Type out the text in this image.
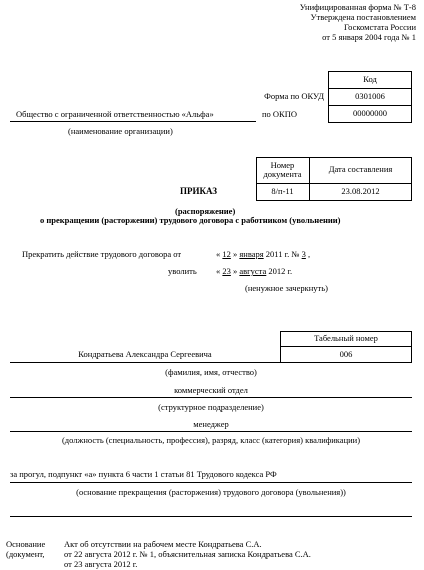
Унифицированная форма № Т-8
Утверждена постановлением
Госкомстата России
от 5 января 2004 года № 1
Код
0301006
00000000
Форма по ОКУД
по ОКПО
Общество с ограниченной ответственностью «Альфа»
(наименование организации)
Номер документа	Дата составления
8/п-11	23.08.2012
ПРИКАЗ
(распоряжение)
о прекращении (расторжении) трудового договора с работником (увольнении)
Прекратить действие трудового договора от	« 12 » января 2011 г. № 3 ,
уволить « 23 » августа 2012 г.
(ненужное зачеркнуть)
Табельный номер
006
Кондратьева Александра Сергеевича
(фамилия, имя, отчество)
коммерческий отдел
(структурное подразделение)
менеджер
(должность (специальность, профессия), разряд, класс (категория) квалификации)
за прогул, подпункт «а» пункта 6 части 1 статьи 81 Трудового кодекса РФ
(основание прекращения (расторжения) трудового договора (увольнения))
Основание
(документ,
Акт об отсутствии на рабочем месте Кондратьева С.А.
от 22 августа 2012 г. № 1, объяснительная записка Кондратьева С.А.
от 23 августа 2012 г.
